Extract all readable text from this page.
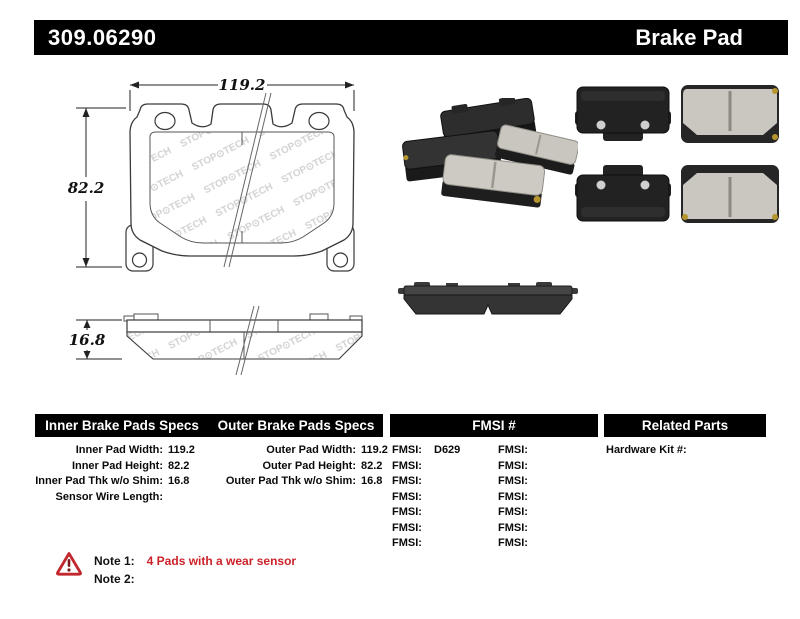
309.06290	Brake Pad
119.2
82.2
16.8
Inner Brake Pads Specs	Outer Brake Pads Specs	FMSI #	Related Parts
Inner Pad Width: 119.2
Inner Pad Height: 82.2
Inner Pad Thk w/o Shim: 16.8
Sensor Wire Length:
Outer Pad Width: 119.2
Outer Pad Height: 82.2
Outer Pad Thk w/o Shim: 16.8
FMSI:	D629
FMSI:
FMSI:
FMSI:
FMSI:
FMSI:
FMSI:
FMSI:
FMSI:
FMSI:
FMSI:
FMSI:
FMSI:
FMSI:
Hardware Kit #:
Note 1: 4 Pads with a wear sensor
Note 2:
